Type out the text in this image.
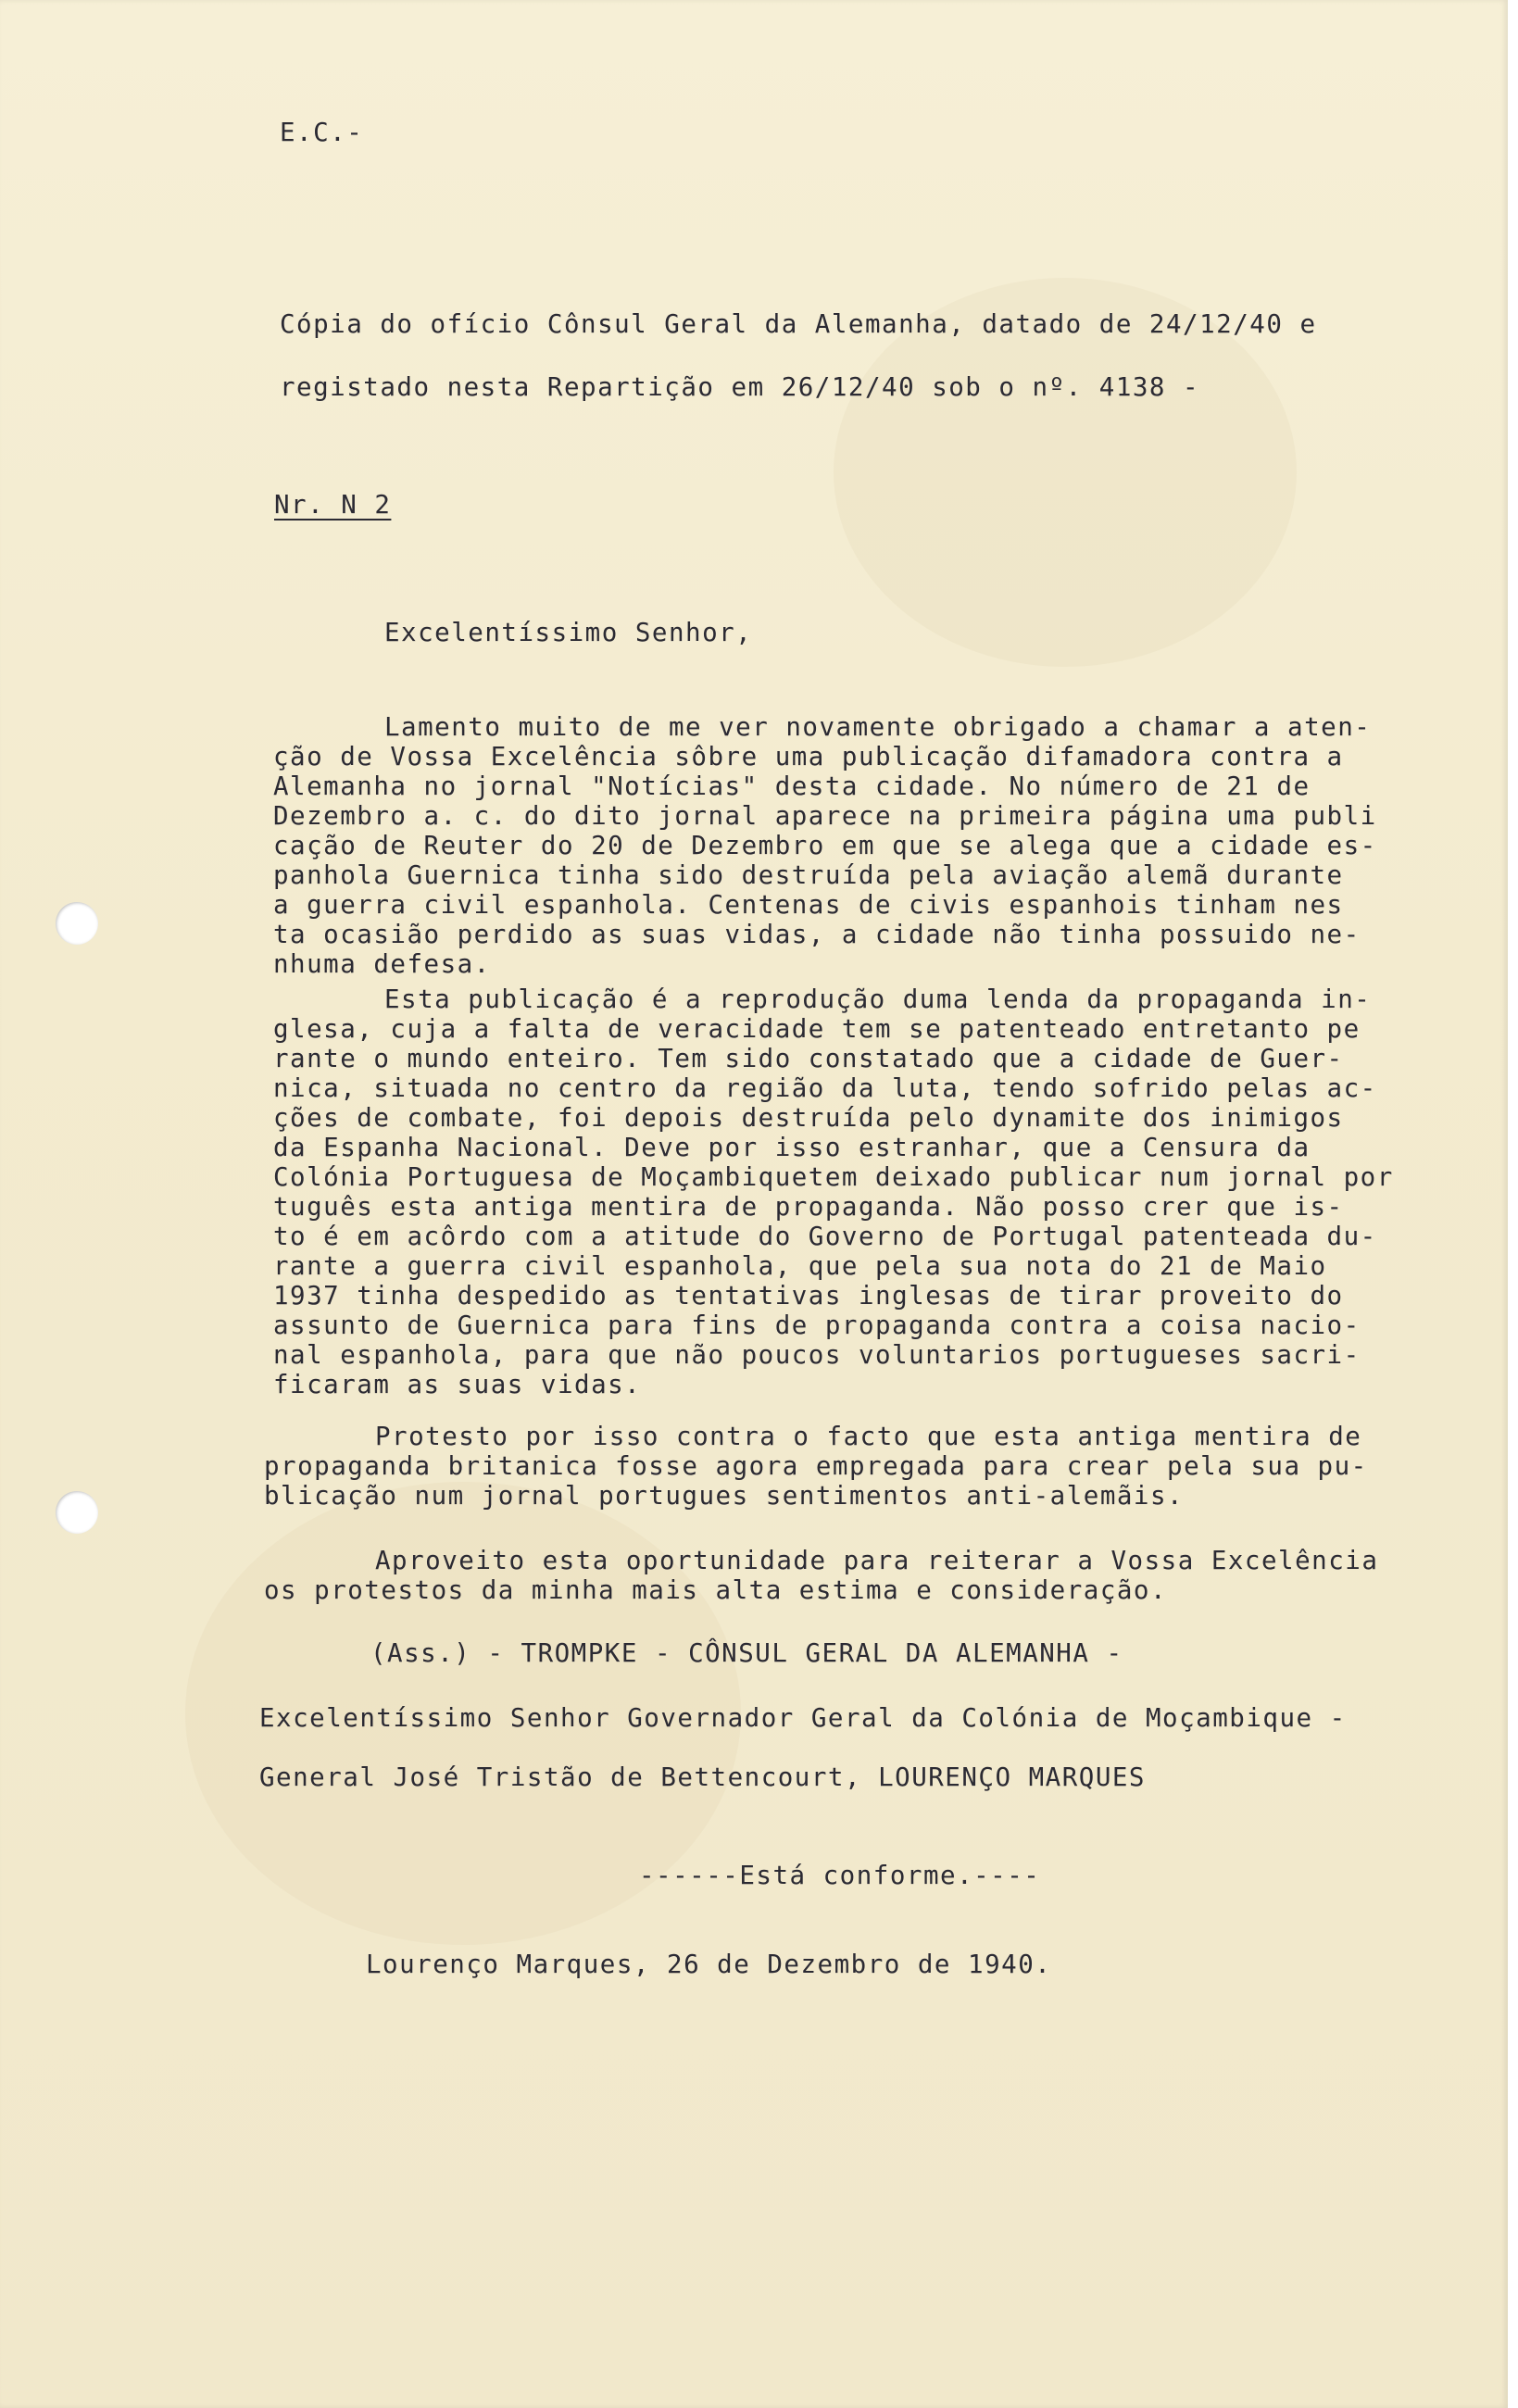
E.C.-
Cópia do ofício Cônsul Geral da Alemanha, datado de 24/12/40 e
registado nesta Repartição em 26/12/40 sob o nº. 4138 -
Nr. N 2
Excelentíssimo Senhor,
Lamento muito de me ver novamente obrigado a chamar a aten-
ção de Vossa Excelência sôbre uma publicação difamadora contra a
Alemanha no jornal "Notícias" desta cidade. No número de 21 de
Dezembro a. c. do dito jornal aparece na primeira página uma publi
cação de Reuter do 20 de Dezembro em que se alega que a cidade es-
panhola Guernica tinha sido destruída pela aviação alemã durante
a guerra civil espanhola. Centenas de civis espanhois tinham nes
ta ocasião perdido as suas vidas, a cidade não tinha possuido ne-
nhuma defesa.
Esta publicação é a reprodução duma lenda da propaganda in-
glesa, cuja a falta de veracidade tem se patenteado entretanto pe
rante o mundo enteiro. Tem sido constatado que a cidade de Guer-
nica, situada no centro da região da luta, tendo sofrido pelas ac-
ções de combate, foi depois destruída pelo dynamite dos inimigos
da Espanha Nacional. Deve por isso estranhar, que a Censura da
Colónia Portuguesa de Moçambiquetem deixado publicar num jornal por
tuguês esta antiga mentira de propaganda. Não posso crer que is-
to é em acôrdo com a atitude do Governo de Portugal patenteada du-
rante a guerra civil espanhola, que pela sua nota do 21 de Maio
1937 tinha despedido as tentativas inglesas de tirar proveito do
assunto de Guernica para fins de propaganda contra a coisa nacio-
nal espanhola, para que não poucos voluntarios portugueses sacri-
ficaram as suas vidas.
Protesto por isso contra o facto que esta antiga mentira de
propaganda britanica fosse agora empregada para crear pela sua pu-
blicação num jornal portugues sentimentos anti-alemãis.
Aproveito esta oportunidade para reiterar a Vossa Excelência
os protestos da minha mais alta estima e consideração.
(Ass.) - TROMPKE - CÔNSUL GERAL DA ALEMANHA -
Excelentíssimo Senhor Governador Geral da Colónia de Moçambique -
General José Tristão de Bettencourt, LOURENÇO MARQUES
------Está conforme.----
Lourenço Marques, 26 de Dezembro de 1940.
